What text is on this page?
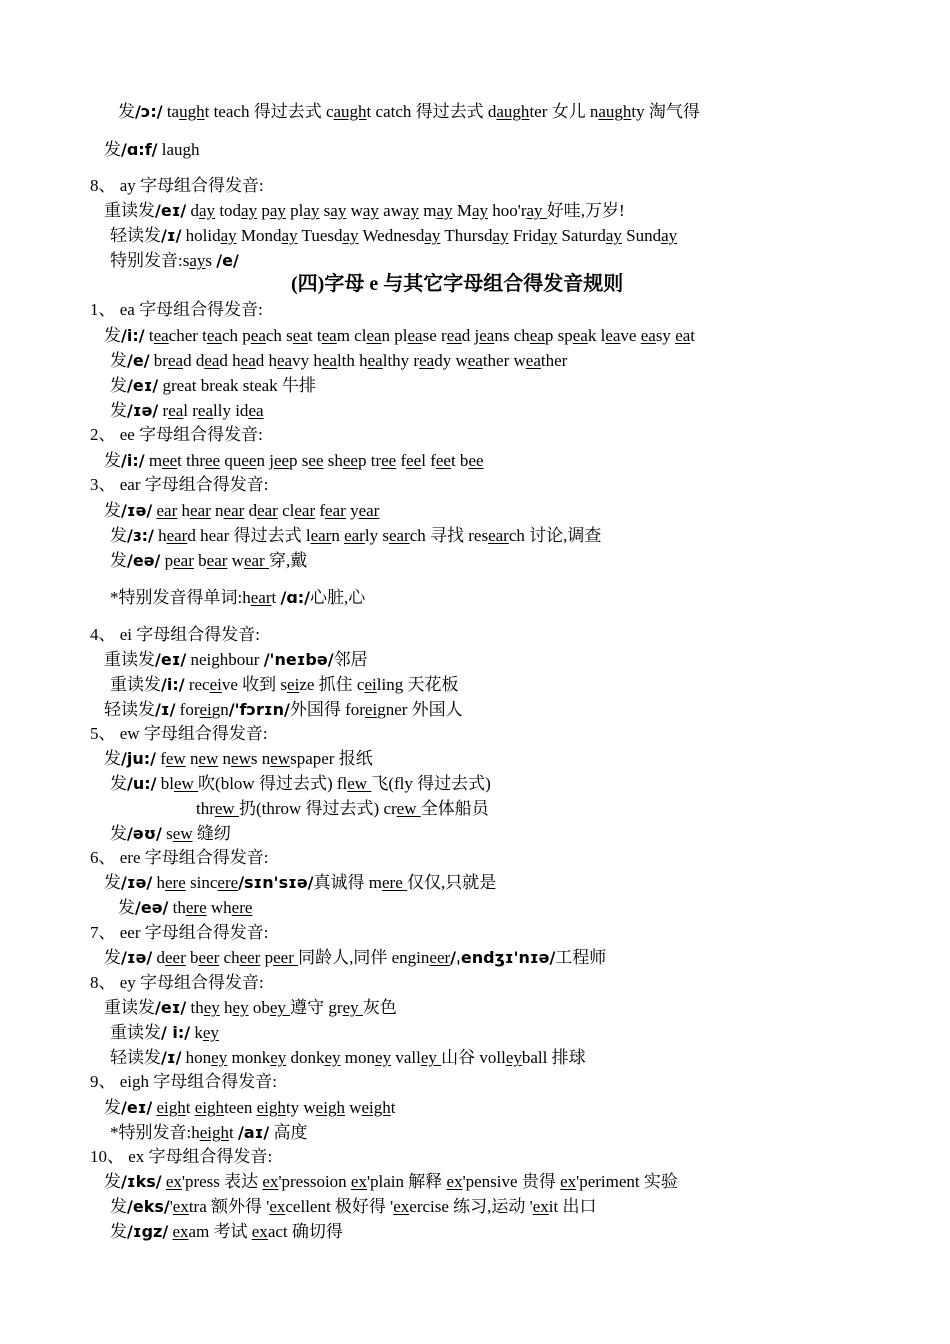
发/ɔ:/ taught teach 得过去式 caught catch 得过去式 daughter 女儿 naughty 淘气得
发/ɑ:f/ laugh
8、 ay 字母组合得发音:
重读发/eɪ/ day today pay play say way away may May hoo'ray 好哇,万岁!
轻读发/ɪ/ holiday Monday Tuesday Wednesday Thursday Friday Saturday Sunday
特别发音:says /e/
(四)字母 e 与其它字母组合得发音规则
1、 ea 字母组合得发音:
发/i:/ teacher teach peach seat team clean please read jeans cheap speak leave easy eat
发/e/ bread dead head heavy health healthy ready weather weather
发/eɪ/ great break steak 牛排
发/ɪə/ real really idea
2、 ee 字母组合得发音:
发/i:/ meet three queen jeep see sheep tree feel feet bee
3、 ear 字母组合得发音:
发/ɪə/ ear hear near dear clear fear year
发/ɜ:/ heard hear 得过去式 learn early search 寻找 research 讨论,调查
发/eə/ pear bear wear 穿,戴
*特别发音得单词:heart /ɑ:/心脏,心
4、 ei 字母组合得发音:
重读发/eɪ/ neighbour /'neɪbə/邻居
重读发/i:/ receive 收到 seize 抓住 ceiling 天花板
轻读发/ɪ/ foreign/'fɔrɪn/外国得 foreigner 外国人
5、 ew 字母组合得发音:
发/ju:/ few new news newspaper 报纸
发/u:/ blew 吹(blow 得过去式) flew 飞(fly 得过去式)
threw 扔(throw 得过去式) crew 全体船员
发/əʊ/ sew 缝纫
6、 ere 字母组合得发音:
发/ɪə/ here sincere/sɪn'sɪə/真诚得 mere 仅仅,只就是
发/eə/ there where
7、 eer 字母组合得发音:
发/ɪə/ deer beer cheer peer 同龄人,同伴 engineer/ˌendʒɪ'nɪə/工程师
8、 ey 字母组合得发音:
重读发/eɪ/ they hey obey 遵守 grey 灰色
重读发/ i:/ key
轻读发/ɪ/ honey monkey donkey money valley 山谷 volleyball 排球
9、 eigh 字母组合得发音:
发/eɪ/ eight eighteen eighty weigh weight
*特别发音:height /aɪ/ 高度
10、 ex 字母组合得发音:
发/ɪks/ ex'press 表达 ex'pressoion ex'plain 解释 ex'pensive 贵得 ex'periment 实验
发/eks/'extra 额外得 'excellent 极好得 'exercise 练习,运动 'exit 出口
发/ɪgz/ exam 考试 exact 确切得
